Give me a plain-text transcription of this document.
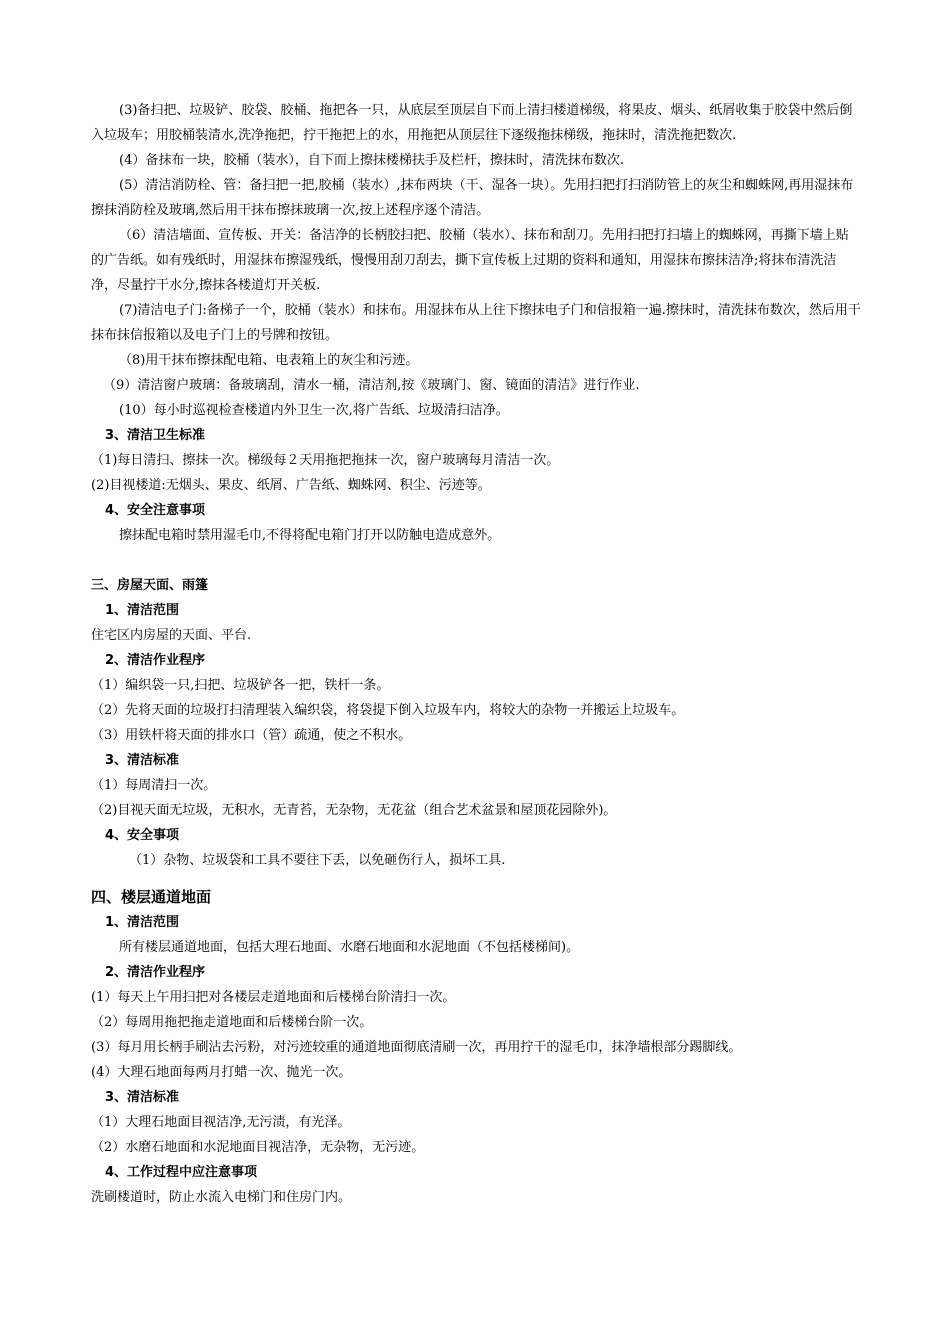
(3)备扫把、垃圾铲、胶袋、胶桶、拖把各一只，从底层至顶层自下而上清扫楼道梯级，将果皮、烟头、纸屑收集于胶袋中然后倒入垃圾车；用胶桶装清水,洗净拖把，拧干拖把上的水，用拖把从顶层往下逐级拖抹梯级，拖抹时，清洗拖把数次.

(4）备抹布一块，胶桶（装水），自下而上擦抹楼梯扶手及栏杆，擦抹时，清洗抹布数次.

(5）清洁消防栓、管：备扫把一把,胶桶（装水）,抹布两块（干、湿各一块）。先用扫把打扫消防管上的灰尘和蜘蛛网,再用湿抹布擦抹消防栓及玻璃,然后用干抹布擦抹玻璃一次,按上述程序逐个清洁。

（6）清洁墙面、宣传板、开关：备洁净的长柄胶扫把、胶桶（装水）、抹布和刮刀。先用扫把打扫墙上的蜘蛛网，再撕下墙上贴的广告纸。如有残纸时，用湿抹布擦湿残纸，慢慢用刮刀刮去，撕下宣传板上过期的资料和通知，用湿抹布擦抹洁净;将抹布清洗洁净，尽量拧干水分,擦抹各楼道灯开关板.

(7)清洁电子门:备梯子一个，胶桶（装水）和抹布。用湿抹布从上往下擦抹电子门和信报箱一遍.擦抹时，清洗抹布数次，然后用干抹布抹信报箱以及电子门上的号牌和按钮。

（8)用干抹布擦抹配电箱、电表箱上的灰尘和污迹。

（9）清洁窗户玻璃：备玻璃刮，清水一桶，清洁剂,按《玻璃门、窗、镜面的清洁》进行作业.

(10）每小时巡视检查楼道内外卫生一次,将广告纸、垃圾清扫洁净。

3、清洁卫生标准

（1)每日清扫、擦抹一次。梯级每２天用拖把拖抹一次，窗户玻璃每月清洁一次。

(2)目视楼道:无烟头、果皮、纸屑、广告纸、蜘蛛网、积尘、污迹等。

4、安全注意事项

擦抹配电箱时禁用湿毛巾,不得将配电箱门打开以防触电造成意外。

三、房屋天面、雨篷

1、清洁范围

住宅区内房屋的天面、平台.

2、清洁作业程序

（1）编织袋一只,扫把、垃圾铲各一把，铁杆一条。

（2）先将天面的垃圾打扫清理装入编织袋，将袋提下倒入垃圾车内，将较大的杂物一并搬运上垃圾车。

（3）用铁杆将天面的排水口（管）疏通，使之不积水。

3、清洁标准

（1）每周清扫一次。

（2)目视天面无垃圾，无积水，无青苔，无杂物，无花盆（组合艺术盆景和屋顶花园除外)。

4、安全事项

（1）杂物、垃圾袋和工具不要往下丢，以免砸伤行人，损坏工具.

四、楼层通道地面

1、清洁范围

所有楼层通道地面，包括大理石地面、水磨石地面和水泥地面（不包括楼梯间)。

2、清洁作业程序

(1）每天上午用扫把对各楼层走道地面和后楼梯台阶清扫一次。

（2）每周用拖把拖走道地面和后楼梯台阶一次。

(3）每月用长柄手刷沾去污粉，对污迹较重的通道地面彻底清刷一次，再用拧干的湿毛巾，抹净墙根部分踢脚线。

(4）大理石地面每两月打蜡一次、抛光一次。

3、清洁标准

（1）大理石地面目视洁净,无污渍，有光泽。

（2）水磨石地面和水泥地面目视洁净，无杂物，无污迹。

4、工作过程中应注意事项

洗刷楼道时，防止水流入电梯门和住房门内。
